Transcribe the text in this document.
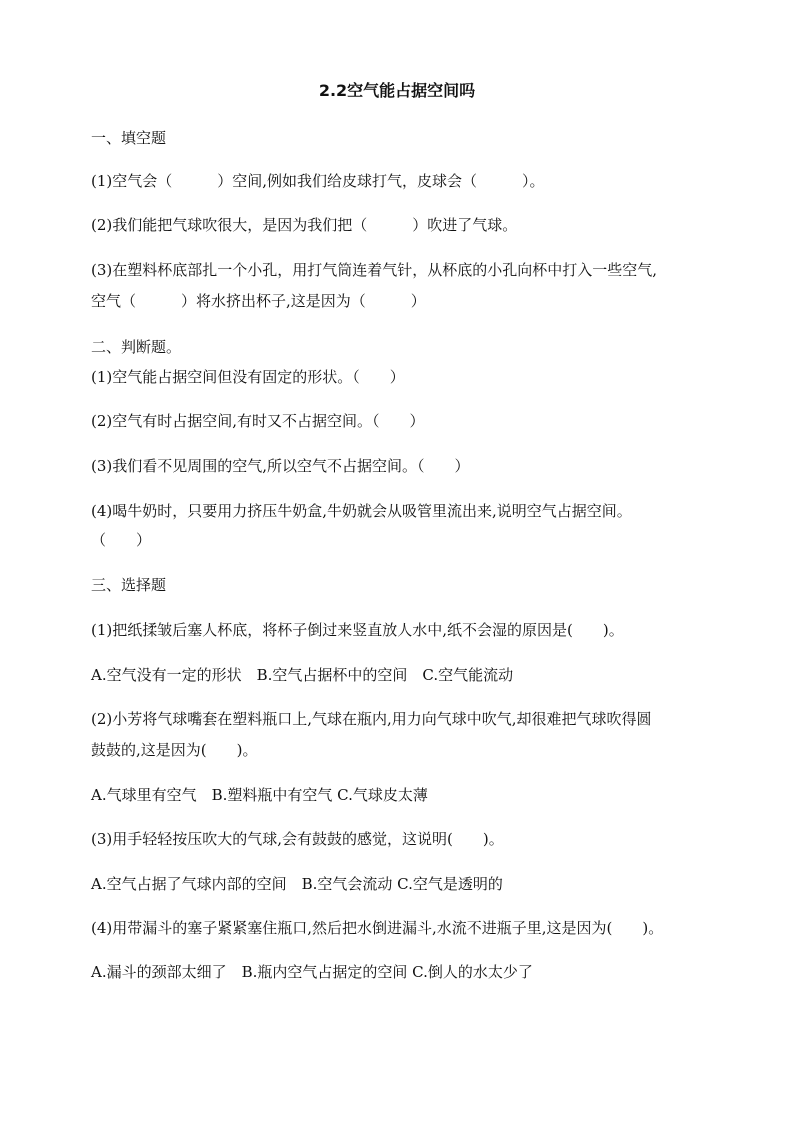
2.2空气能占据空间吗
一、填空题
(1)空气会（　　　）空间,例如我们给皮球打气，皮球会（　　　）。
(2)我们能把气球吹很大，是因为我们把（　　　）吹进了气球。
(3)在塑料杯底部扎一个小孔，用打气筒连着气针，从杯底的小孔向杯中打入一些空气,
空气（　　　）将水挤出杯子,这是因为（　　　）
二、判断题。
(1)空气能占据空间但没有固定的形状。（　　）
(2)空气有时占据空间,有时又不占据空间。（　　）
(3)我们看不见周围的空气,所以空气不占据空间。（　　）
(4)喝牛奶时，只要用力挤压牛奶盒,牛奶就会从吸管里流出来,说明空气占据空间。
（　　）
三、选择题
(1)把纸揉皱后塞人杯底，将杯子倒过来竖直放人水中,纸不会湿的原因是(　　)。
A.空气没有一定的形状　B.空气占据杯中的空间　C.空气能流动
(2)小芳将气球嘴套在塑料瓶口上,气球在瓶内,用力向气球中吹气,却很难把气球吹得圆
鼓鼓的,这是因为(　　)。
A.气球里有空气　B.塑料瓶中有空气 C.气球皮太薄
(3)用手轻轻按压吹大的气球,会有鼓鼓的感觉，这说明(　　)。
A.空气占据了气球内部的空间　B.空气会流动 C.空气是透明的
(4)用带漏斗的塞子紧紧塞住瓶口,然后把水倒进漏斗,水流不进瓶子里,这是因为(　　)。
A.漏斗的颈部太细了　B.瓶内空气占据定的空间 C.倒人的水太少了
